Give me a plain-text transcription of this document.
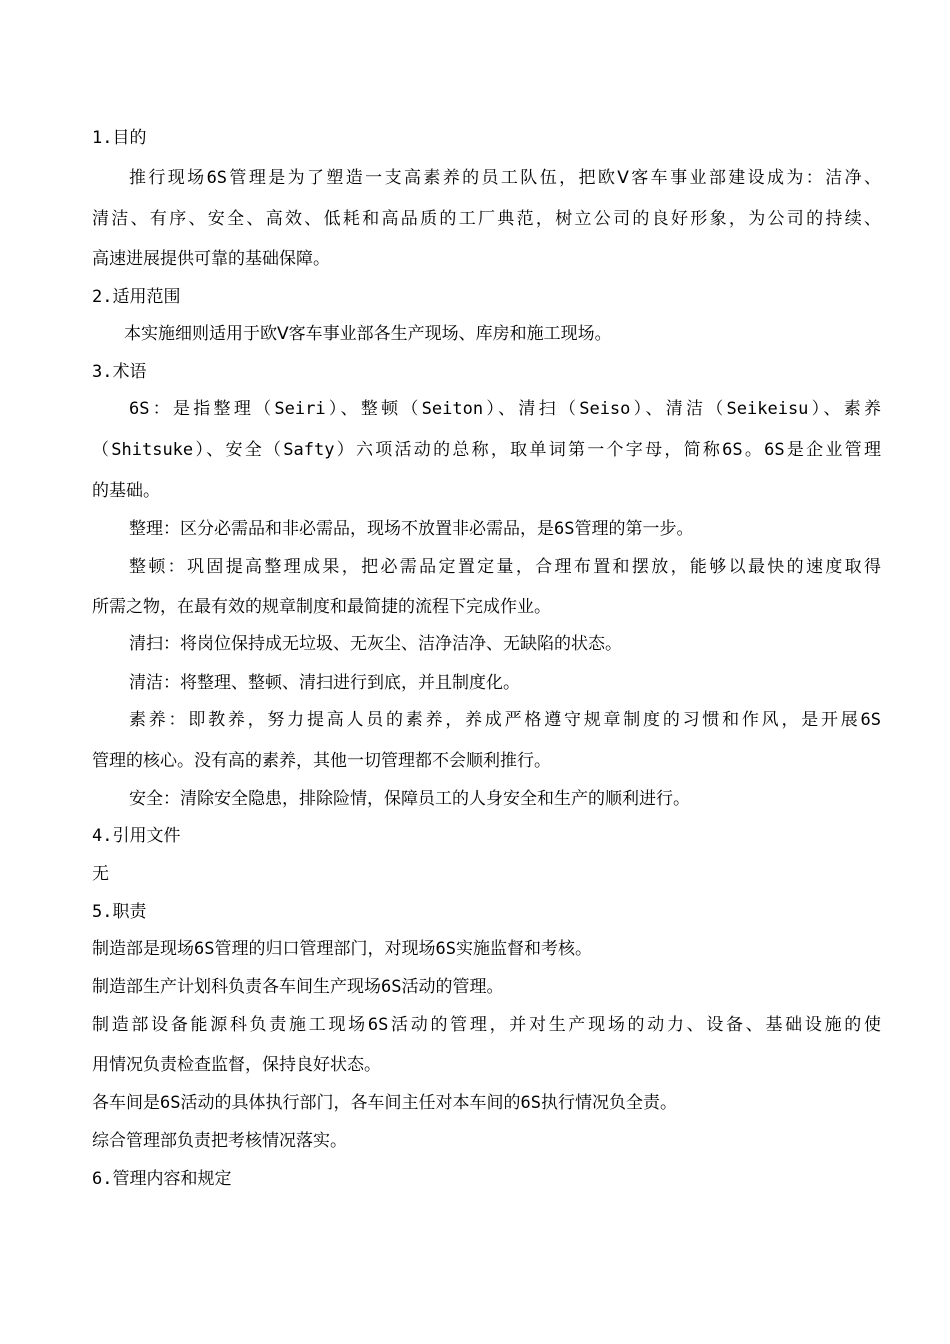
1.目的
推行现场6S管理是为了塑造一支高素养的员工队伍，把欧Ⅴ客车事业部建设成为：洁净、
清洁、有序、安全、高效、低耗和高品质的工厂典范，树立公司的良好形象，为公司的持续、
高速进展提供可靠的基础保障。
2.适用范围
本实施细则适用于欧Ⅴ客车事业部各生产现场、库房和施工现场。
3.术语
6S：是指整理（Seiri）、整顿（Seiton）、清扫（Seiso）、清洁（Seikeisu）、素养
（Shitsuke）、安全（Safty）六项活动的总称，取单词第一个字母，简称6S。6S是企业管理
的基础。
整理：区分必需品和非必需品，现场不放置非必需品，是6S管理的第一步。
整顿：巩固提高整理成果，把必需品定置定量，合理布置和摆放，能够以最快的速度取得
所需之物，在最有效的规章制度和最简捷的流程下完成作业。
清扫：将岗位保持成无垃圾、无灰尘、洁净洁净、无缺陷的状态。
清洁：将整理、整顿、清扫进行到底，并且制度化。
素养：即教养，努力提高人员的素养，养成严格遵守规章制度的习惯和作风，是开展6S
管理的核心。没有高的素养，其他一切管理都不会顺利推行。
安全：清除安全隐患，排除险情，保障员工的人身安全和生产的顺利进行。
4.引用文件
无
5.职责
制造部是现场6S管理的归口管理部门，对现场6S实施监督和考核。
制造部生产计划科负责各车间生产现场6S活动的管理。
制造部设备能源科负责施工现场6S活动的管理，并对生产现场的动力、设备、基础设施的使
用情况负责检查监督，保持良好状态。
各车间是6S活动的具体执行部门，各车间主任对本车间的6S执行情况负全责。
综合管理部负责把考核情况落实。
6.管理内容和规定
